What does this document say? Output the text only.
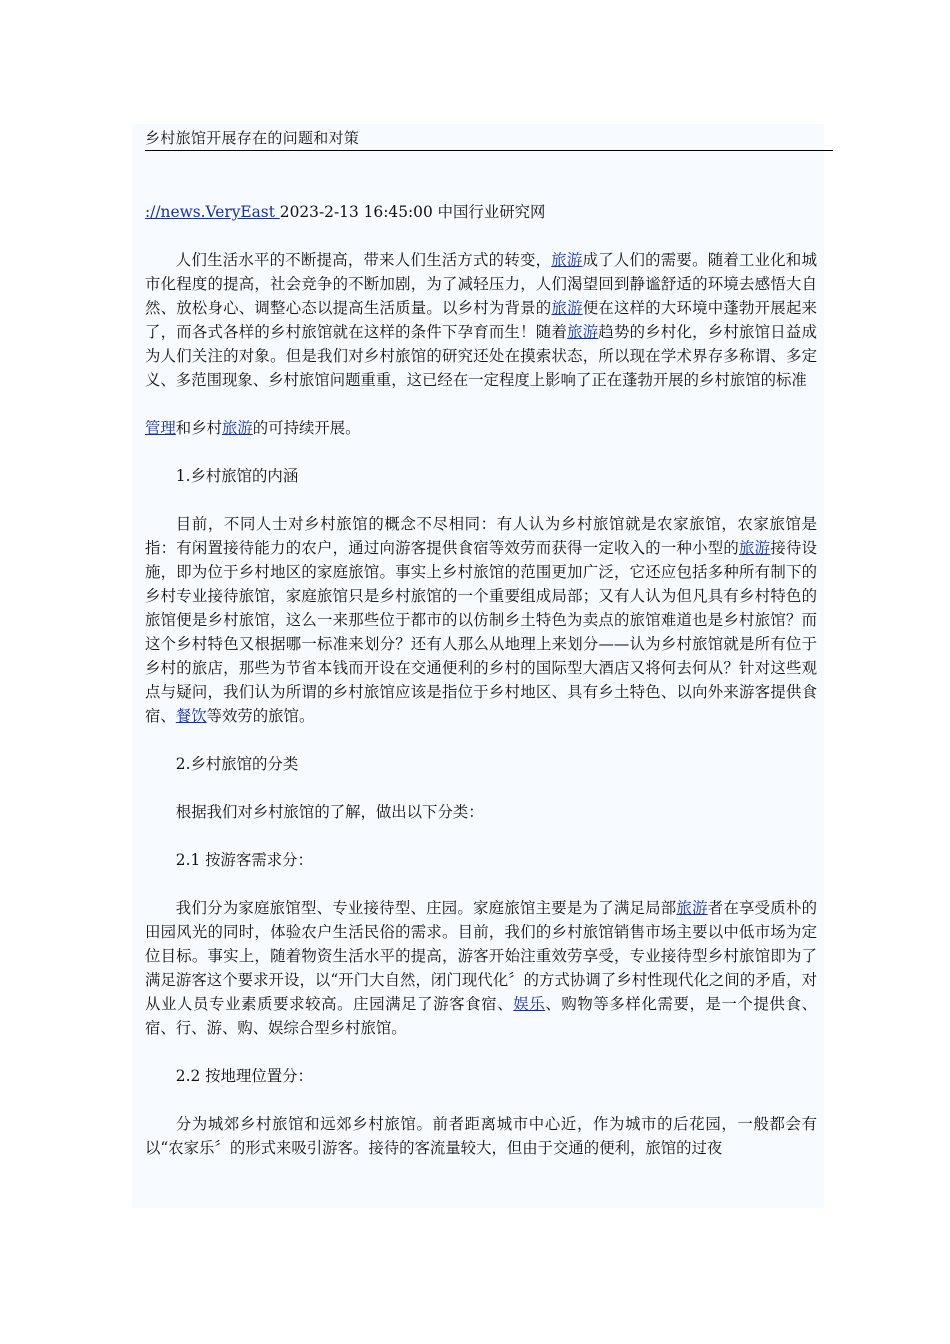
乡村旅馆开展存在的问题和对策

://news.VeryEast 2023-2-13 16:45:00 中国行业研究网

人们生活水平的不断提高，带来人们生活方式的转变，旅游成了人们的需要。随着工业化和城市化程度的提高，社会竞争的不断加剧，为了减轻压力，人们渴望回到静谧舒适的环境去感悟大自然、放松身心、调整心态以提高生活质量。以乡村为背景的旅游便在这样的大环境中蓬勃开展起来了，而各式各样的乡村旅馆就在这样的条件下孕育而生！随着旅游趋势的乡村化，乡村旅馆日益成为人们关注的对象。但是我们对乡村旅馆的研究还处在摸索状态，所以现在学术界存多称谓、多定义、多范围现象、乡村旅馆问题重重，这已经在一定程度上影响了正在蓬勃开展的乡村旅馆的标准

管理和乡村旅游的可持续开展。

1.乡村旅馆的内涵

目前，不同人士对乡村旅馆的概念不尽相同：有人认为乡村旅馆就是农家旅馆，农家旅馆是指：有闲置接待能力的农户，通过向游客提供食宿等效劳而获得一定收入的一种小型的旅游接待设施，即为位于乡村地区的家庭旅馆。事实上乡村旅馆的范围更加广泛，它还应包括多种所有制下的乡村专业接待旅馆，家庭旅馆只是乡村旅馆的一个重要组成局部；又有人认为但凡具有乡村特色的旅馆便是乡村旅馆，这么一来那些位于都市的以仿制乡土特色为卖点的旅馆难道也是乡村旅馆？而这个乡村特色又根据哪一标准来划分？还有人那么从地理上来划分——认为乡村旅馆就是所有位于乡村的旅店，那些为节省本钱而开设在交通便利的乡村的国际型大酒店又将何去何从？针对这些观点与疑问，我们认为所谓的乡村旅馆应该是指位于乡村地区、具有乡土特色、以向外来游客提供食宿、餐饮等效劳的旅馆。

2.乡村旅馆的分类

根据我们对乡村旅馆的了解，做出以下分类：

2.1 按游客需求分：

我们分为家庭旅馆型、专业接待型、庄园。家庭旅馆主要是为了满足局部旅游者在享受质朴的田园风光的同时，体验农户生活民俗的需求。目前，我们的乡村旅馆销售市场主要以中低市场为定位目标。事实上，随着物资生活水平的提高，游客开始注重效劳享受，专业接待型乡村旅馆即为了满足游客这个要求开设，以“开门大自然，闭门现代化〞的方式协调了乡村性现代化之间的矛盾，对从业人员专业素质要求较高。庄园满足了游客食宿、娱乐、购物等多样化需要，是一个提供食、宿、行、游、购、娱综合型乡村旅馆。

2.2 按地理位置分：

分为城郊乡村旅馆和远郊乡村旅馆。前者距离城市中心近，作为城市的后花园，一般都会有以“农家乐〞的形式来吸引游客。接待的客流量较大，但由于交通的便利，旅馆的过夜
